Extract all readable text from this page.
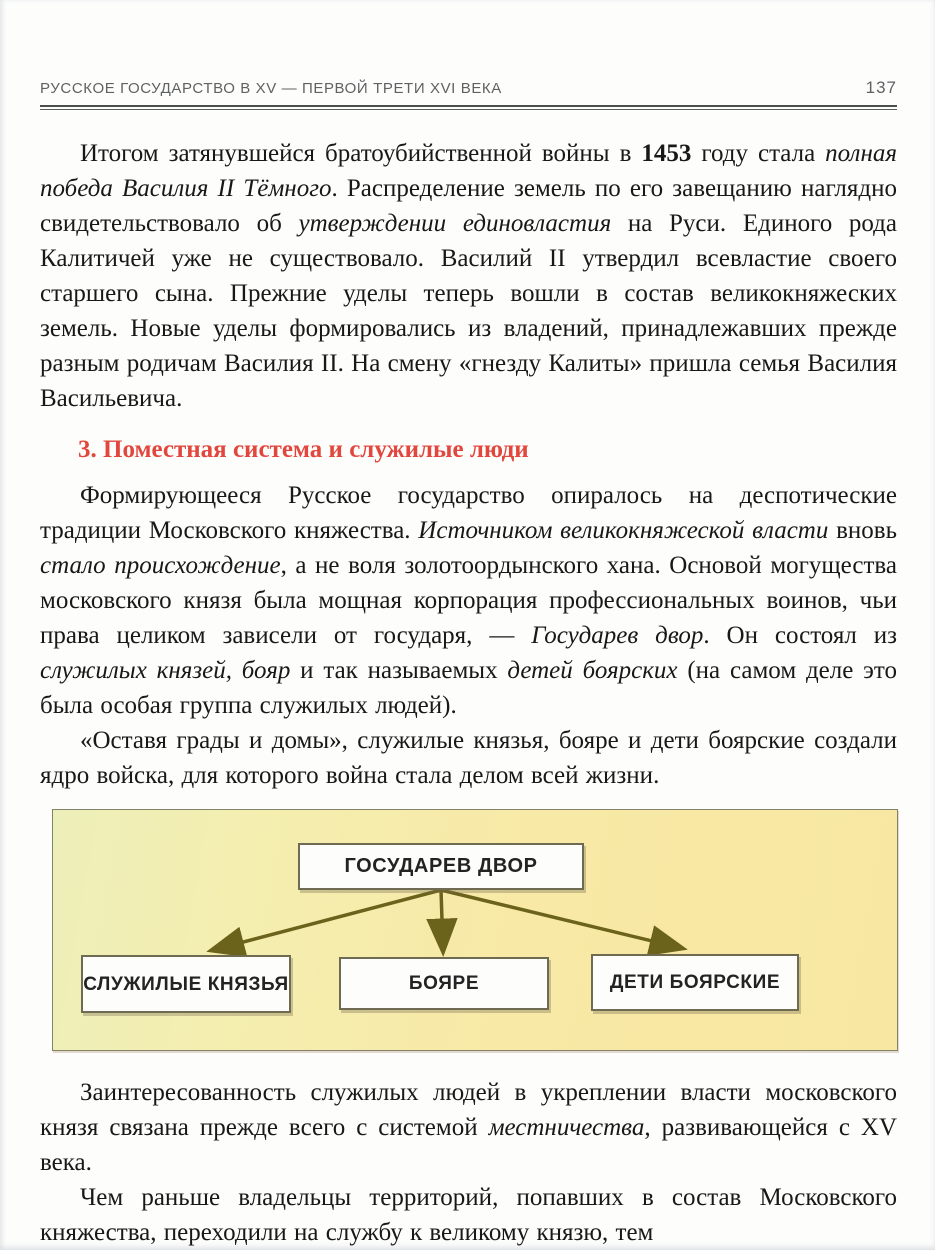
РУССКОЕ ГОСУДАРСТВО В XV — ПЕРВОЙ ТРЕТИ XVI ВЕКА	137

Итогом затянувшейся братоубийственной войны в 1453 году стала полная победа Василия II Тёмного. Распределение земель по его завещанию наглядно свидетельствовало об утверждении единовластия на Руси. Единого рода Калитичей уже не существовало. Василий II утвердил всевластие своего старшего сына. Прежние уделы теперь вошли в состав великокняжеских земель. Новые уделы формировались из владений, принадлежавших прежде разным родичам Василия II. На смену «гнезду Калиты» пришла семья Василия Васильевича.

3. Поместная система и служилые люди

Формирующееся Русское государство опиралось на деспотические традиции Московского княжества. Источником великокняжеской власти вновь стало происхождение, а не воля золотоордынского хана. Основой могущества московского князя была мощная корпорация профессиональных воинов, чьи права целиком зависели от государя, — Государев двор. Он состоял из служилых князей, бояр и так называемых детей боярских (на самом деле это была особая группа служилых людей).

«Оставя грады и домы», служилые князья, бояре и дети боярские создали ядро войска, для которого война стала делом всей жизни.

ГОСУДАРЕВ ДВОР
СЛУЖИЛЫЕ КНЯЗЬЯ	БОЯРЕ	ДЕТИ БОЯРСКИЕ

Заинтересованность служилых людей в укреплении власти московского князя связана прежде всего с системой местничества, развивающейся с XV века.

Чем раньше владельцы территорий, попавших в состав Московского княжества, переходили на службу к великому князю, тем
